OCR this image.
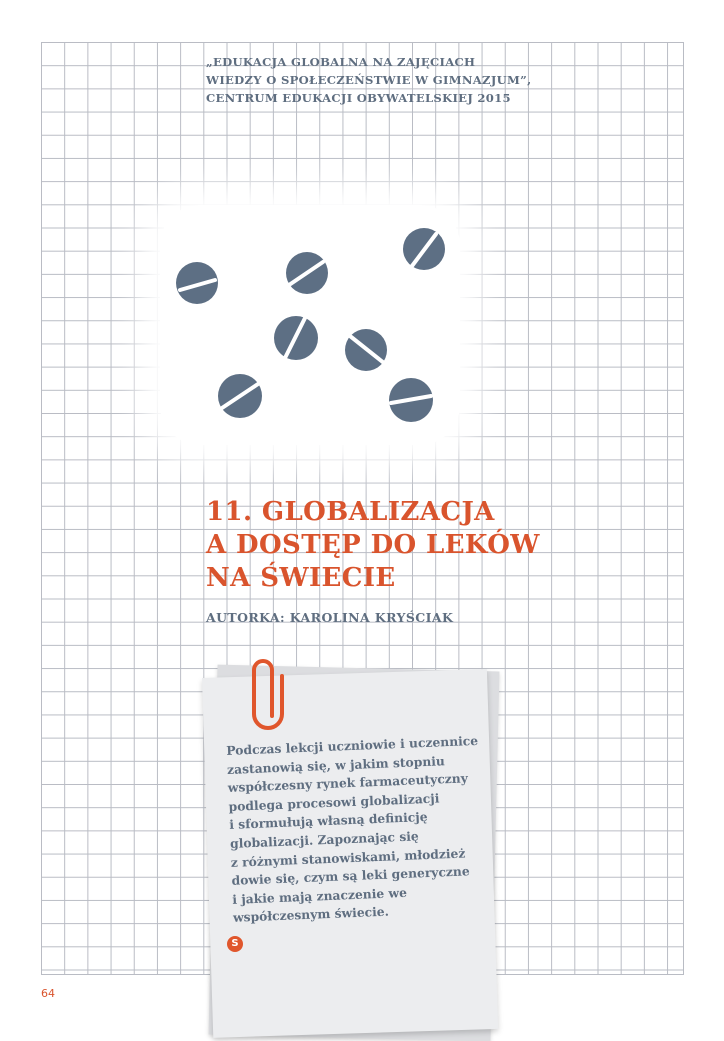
„EDUKACJA GLOBALNA NA ZAJĘCIACH
WIEDZY O SPOŁECZEŃSTWIE W GIMNAZJUM”,
CENTRUM EDUKACJI OBYWATELSKIEJ 2015
11. GLOBALIZACJA
A DOSTĘP DO LEKÓW
NA ŚWIECIE
AUTORKA: KAROLINA KRYŚCIAK
Podczas lekcji uczniowie i uczennice
zastanowią się, w jakim stopniu
współczesny rynek farmaceutyczny
podlega procesowi globalizacji
i sformułują własną definicję
globalizacji. Zapoznając się
z różnymi stanowiskami, młodzież
dowie się, czym są leki generyczne
i jakie mają znaczenie we
współczesnym świecie.
S
64
